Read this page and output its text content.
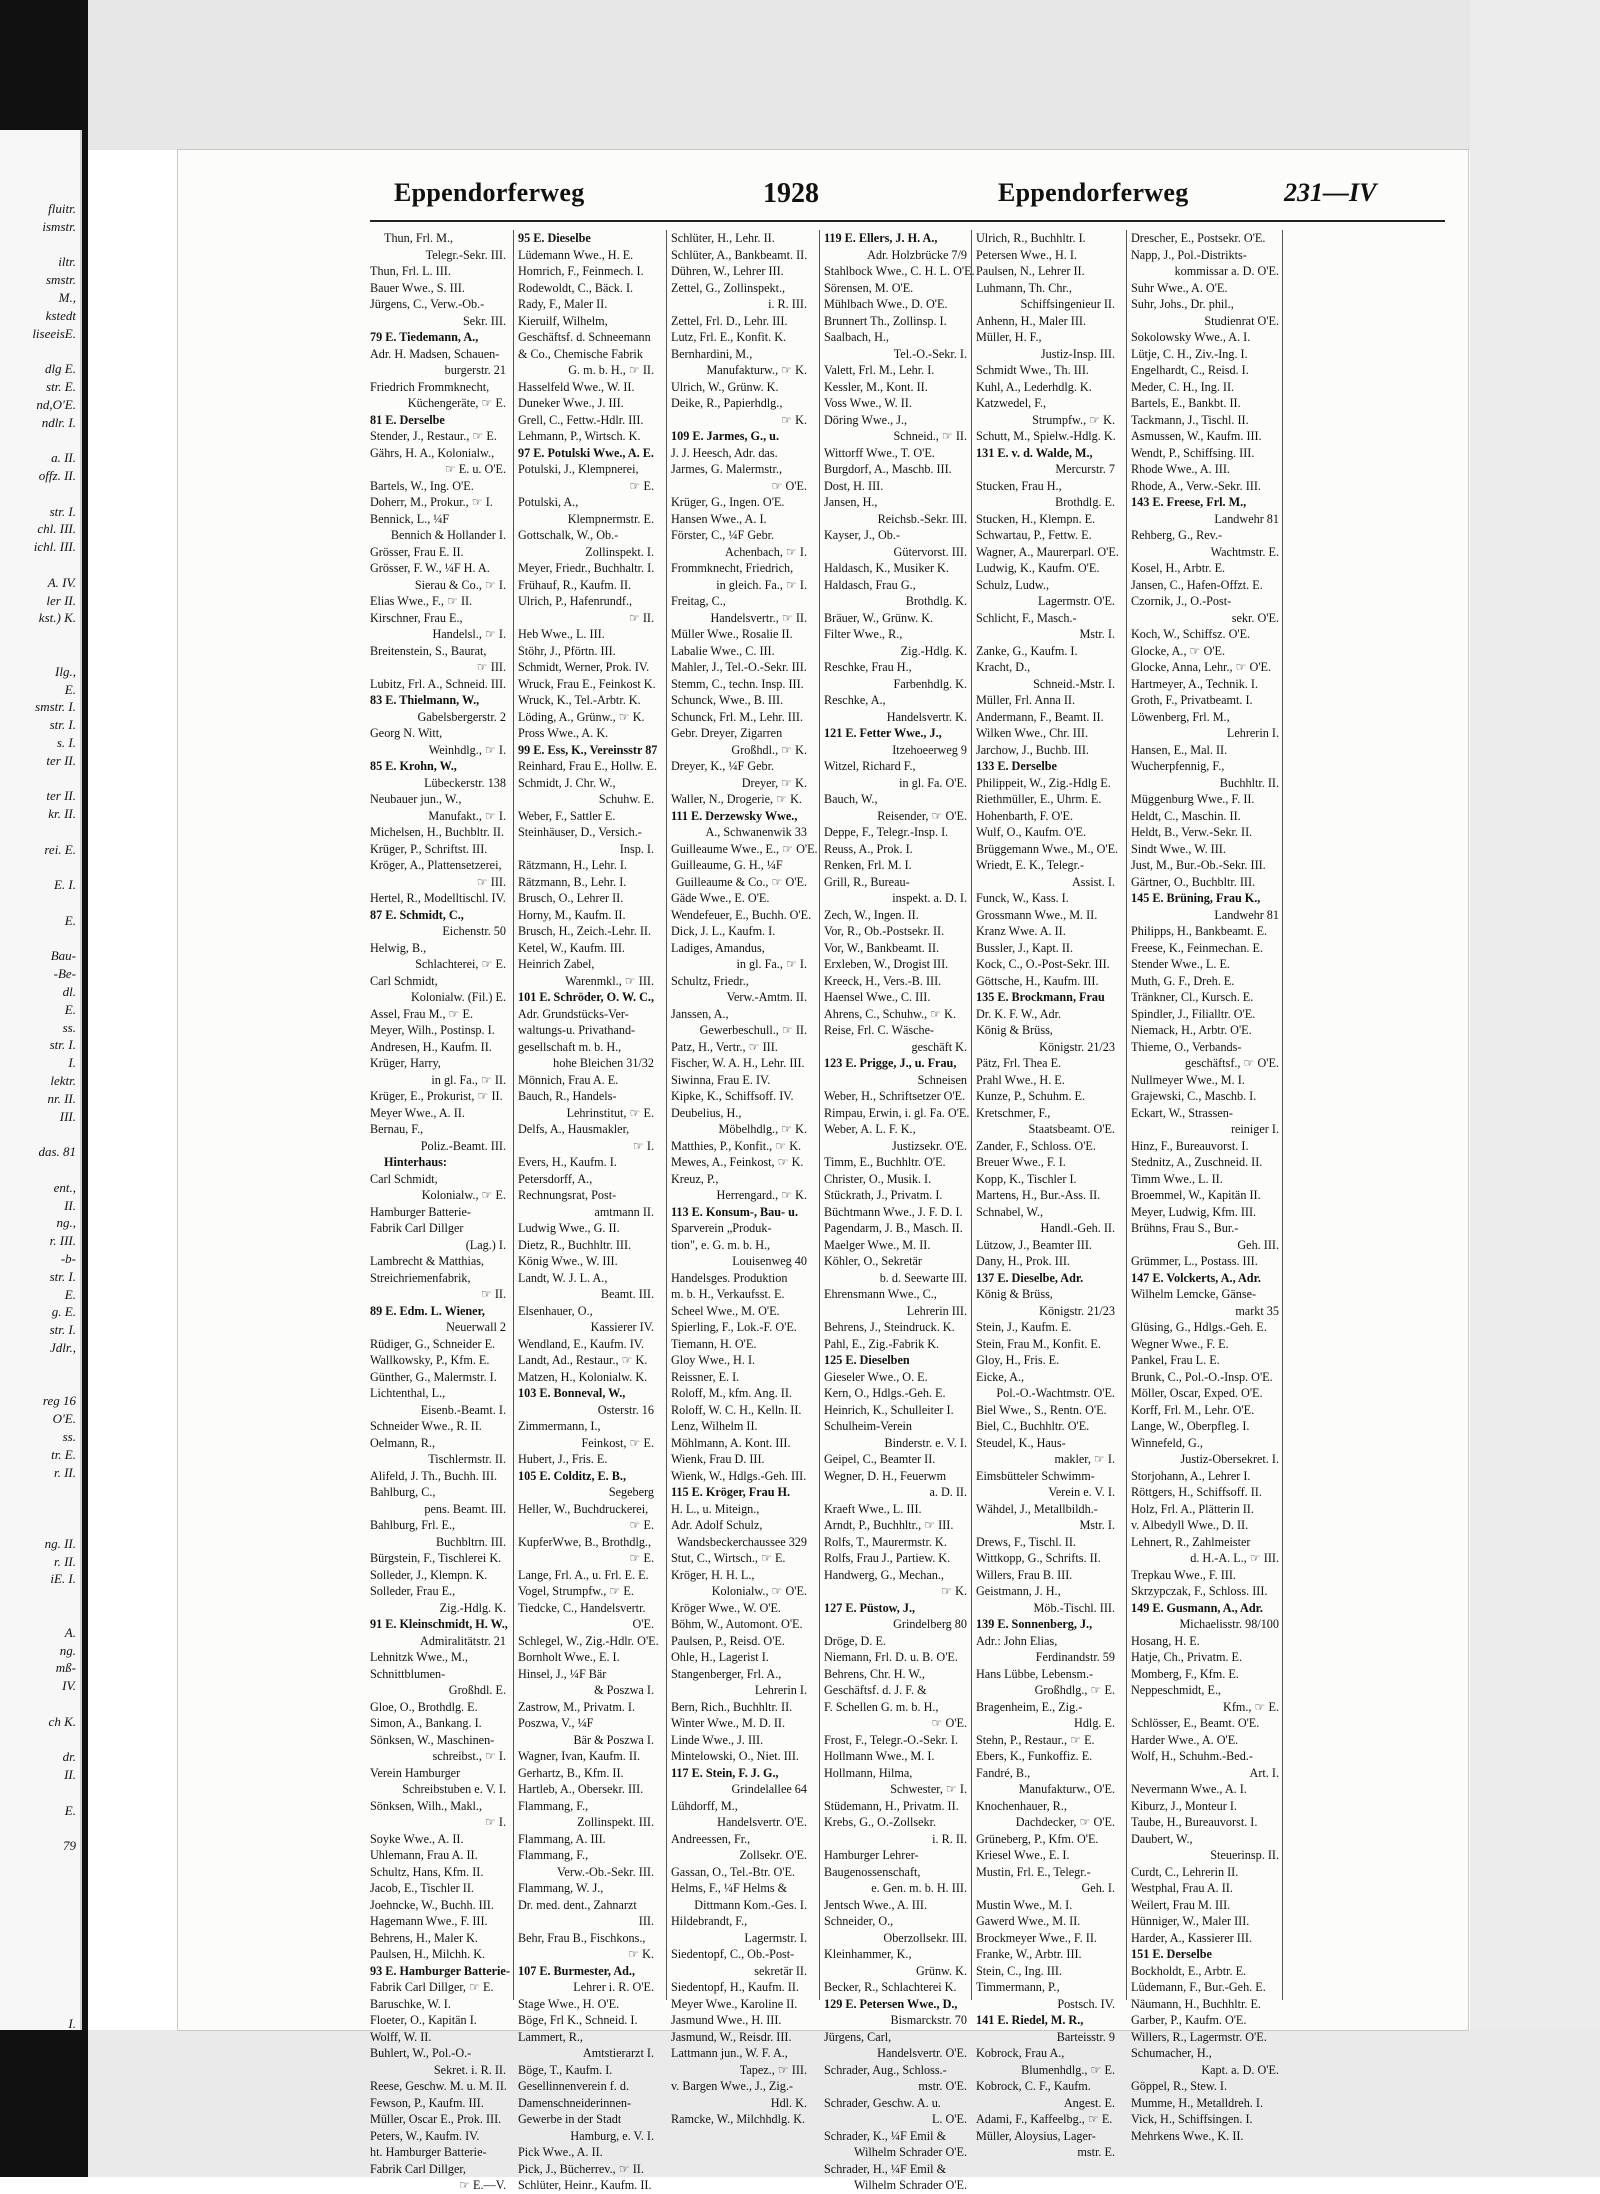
fluitr.
ismstr.

iltr.
smstr.
M.,
kstedt
liseeisE.

dlg E.
str. E.
nd,O'E.
ndlr. I.

a. II.
offz. II.

str. I.
chl. III.
ichl. III.

A. IV.
ler II.
kst.) K.

Ilg.,
E.
smstr. I.
str. I.
s. I.
ter II.

ter II.
kr. II.

rei. E.

E. I.

E.

Bau-
-Be-
dl.
E.
ss.
str. I.
I.
lektr.
nr. II.
III.

das. 81

ent.,
II.
ng.,
r. III.
-b-
str. I.
E.
g. E.
str. I.
Jdlr.,

reg 16
O'E.
ss.
tr. E.
r. II.

ng. II.
r. II.
iE. I.

A.
ng.
mß-
IV.

ch K.

dr.
II.

E.

79

I.
str. I.
I.
iseil.
K.
III.
lseilS.
Eppendorferweg	1928	Eppendorferweg	231—IV
Thun, Frl. M.,
Telegr.-Sekr. III.
Thun, Frl. L. III.
Bauer Wwe., S. III.
Jürgens, C., Verw.-Ob.-
Sekr. III.
79 E. Tiedemann, A.,
Adr. H. Madsen, Schauen-
burgerstr. 21
Friedrich Frommknecht,
Küchengeräte, ☞ E.
81 E. Derselbe
Stender, J., Restaur., ☞ E.
Gährs, H. A., Kolonialw.,
☞ E. u. O'E.
Bartels, W., Ing. O'E.
Doherr, M., Prokur., ☞ I.
Bennick, L., ¼F
Bennich & Hollander I.
Grösser, Frau E. II.
Grösser, F. W., ¼F H. A.
Sierau & Co., ☞ I.
Elias Wwe., F., ☞ II.
Kirschner, Frau E.,
Handelsl., ☞ I.
Breitenstein, S., Baurat,
☞ III.
Lubitz, Frl. A., Schneid. III.
83 E. Thielmann, W.,
Gabelsbergerstr. 2
Georg N. Witt,
Weinhdlg., ☞ I.
85 E. Krohn, W.,
Lübeckerstr. 138
Neubauer jun., W.,
Manufakt., ☞ I.
Michelsen, H., Buchbltr. II.
Krüger, P., Schriftst. III.
Kröger, A., Plattensetzerei,
☞ III.
Hertel, R., Modelltischl. IV.
87 E. Schmidt, C.,
Eichenstr. 50
Helwig, B.,
Schlachterei, ☞ E.
Carl Schmidt,
Kolonialw. (Fil.) E.
Assel, Frau M., ☞ E.
Meyer, Wilh., Postinsp. I.
Andresen, H., Kaufm. II.
Krüger, Harry,
in gl. Fa., ☞ II.
Krüger, E., Prokurist, ☞ II.
Meyer Wwe., A. II.
Bernau, F.,
Poliz.-Beamt. III.
Hinterhaus:
Carl Schmidt,
Kolonialw., ☞ E.
Hamburger Batterie-
Fabrik Carl Dillger
(Lag.) I.
Lambrecht & Matthias,
Streichriemenfabrik,
☞ II.
89 E. Edm. L. Wiener,
Neuerwall 2
Rüdiger, G., Schneider E.
Wallkowsky, P., Kfm. E.
Günther, G., Malermstr. I.
Lichtenthal, L.,
Eisenb.-Beamt. I.
Schneider Wwe., R. II.
Oelmann, R.,
Tischlermstr. II.
Alifeld, J. Th., Buchh. III.
Bahlburg, C.,
pens. Beamt. III.
Bahlburg, Frl. E.,
Buchbltrn. III.
Bürgstein, F., Tischlerei K.
Solleder, J., Klempn. K.
Solleder, Frau E.,
Zig.-Hdlg. K.
91 E. Kleinschmidt, H. W.,
Admiralitätstr. 21
Lehnitzk Wwe., M.,
Schnittblumen-
Großhdl. E.
Gloe, O., Brothdlg. E.
Simon, A., Bankang. I.
Sönksen, W., Maschinen-
schreibst., ☞ I.
Verein Hamburger
Schreibstuben e. V. I.
Sönksen, Wilh., Makl.,
☞ I.
Soyke Wwe., A. II.
Uhlemann, Frau A. II.
Schultz, Hans, Kfm. II.
Jacob, E., Tischler II.
Joehncke, W., Buchh. III.
Hagemann Wwe., F. III.
Behrens, H., Maler K.
Paulsen, H., Milchh. K.
93 E. Hamburger Batterie-
Fabrik Carl Dillger, ☞ E.
Baruschke, W. I.
Floeter, O., Kapitän I.
Wolff, W. II.
Buhlert, W., Pol.-O.-
Sekret. i. R. II.
Reese, Geschw. M. u. M. II.
Fewson, P., Kaufm. III.
Müller, Oscar E., Prok. III.
Peters, W., Kaufm. IV.
ht. Hamburger Batterie-
Fabrik Carl Dillger,
☞ E.—V.
95 E. Dieselbe
Lüdemann Wwe., H. E.
Homrich, F., Feinmech. I.
Rodewoldt, C., Bäck. I.
Rady, F., Maler II.
Kieruilf, Wilhelm,
Geschäftsf. d. Schneemann
& Co., Chemische Fabrik
G. m. b. H., ☞ II.
Hasselfeld Wwe., W. II.
Duneker Wwe., J. III.
Grell, C., Fettw.-Hdlr. III.
Lehmann, P., Wirtsch. K.
97 E. Potulski Wwe., A. E.
Potulski, J., Klempnerei,
☞ E.
Potulski, A.,
Klempnermstr. E.
Gottschalk, W., Ob.-
Zollinspekt. I.
Meyer, Friedr., Buchhaltr. I.
Frühauf, R., Kaufm. II.
Ulrich, P., Hafenrundf.,
☞ II.
Heb Wwe., L. III.
Stöhr, J., Pförtn. III.
Schmidt, Werner, Prok. IV.
Wruck, Frau E., Feinkost K.
Wruck, K., Tel.-Arbtr. K.
Löding, A., Grünw., ☞ K.
Pross Wwe., A. K.
99 E. Ess, K., Vereinsstr 87
Reinhard, Frau E., Hollw. E.
Schmidt, J. Chr. W.,
Schuhw. E.
Weber, F., Sattler E.
Steinhäuser, D., Versich.-
Insp. I.
Rätzmann, H., Lehr. I.
Rätzmann, B., Lehr. I.
Brusch, O., Lehrer II.
Horny, M., Kaufm. II.
Brusch, H., Zeich.-Lehr. II.
Ketel, W., Kaufm. III.
Heinrich Zabel,
Warenmkl., ☞ III.
101 E. Schröder, O. W. C.,
Adr. Grundstücks-Ver-
waltungs-u. Privathand-
gesellschaft m. b. H.,
hohe Bleichen 31/32
Mönnich, Frau A. E.
Bauch, R., Handels-
Lehrinstitut, ☞ E.
Delfs, A., Hausmakler,
☞ I.
Evers, H., Kaufm. I.
Petersdorff, A.,
Rechnungsrat, Post-
amtmann II.
Ludwig Wwe., G. II.
Dietz, R., Buchhltr. III.
König Wwe., W. III.
Landt, W. J. L. A.,
Beamt. III.
Elsenhauer, O.,
Kassierer IV.
Wendland, E., Kaufm. IV.
Landt, Ad., Restaur., ☞ K.
Matzen, H., Kolonialw. K.
103 E. Bonneval, W.,
Osterstr. 16
Zimmermann, I.,
Feinkost, ☞ E.
Hubert, J., Fris. E.
105 E. Colditz, E. B.,
Segeberg
Heller, W., Buchdruckerei,
☞ E.
KupferWwe, B., Brothdlg.,
☞ E.
Lange, Frl. A., u. Frl. E. E.
Vogel, Strumpfw., ☞ E.
Tiedcke, C., Handelsvertr.
O'E.
Schlegel, W., Zig.-Hdlr. O'E.
Bornholt Wwe., E. I.
Hinsel, J., ¼F Bär
& Poszwa I.
Zastrow, M., Privatm. I.
Poszwa, V., ¼F
Bär & Poszwa I.
Wagner, Ivan, Kaufm. II.
Gerhartz, B., Kfm. II.
Hartleb, A., Obersekr. III.
Flammang, F.,
Zollinspekt. III.
Flammang, A. III.
Flammang, F.,
Verw.-Ob.-Sekr. III.
Flammang, W. J.,
Dr. med. dent., Zahnarzt
III.
Behr, Frau B., Fischkons.,
☞ K.
107 E. Burmester, Ad.,
Lehrer i. R. O'E.
Stage Wwe., H. O'E.
Böge, Frl K., Schneid. I.
Lammert, R.,
Amtstierarzt I.
Böge, T., Kaufm. I.
Gesellinnenverein f. d.
Damenschneiderinnen-
Gewerbe in der Stadt
Hamburg, e. V. I.
Pick Wwe., A. II.
Pick, J., Bücherrev., ☞ II.
Schlüter, Heinr., Kaufm. II.
Schlüter, H., Lehr. II.
Schlüter, A., Bankbeamt. II.
Dühren, W., Lehrer III.
Zettel, G., Zollinspekt.,
i. R. III.
Zettel, Frl. D., Lehr. III.
Lutz, Frl. E., Konfit. K.
Bernhardini, M.,
Manufakturw., ☞ K.
Ulrich, W., Grünw. K.
Deike, R., Papierhdlg.,
☞ K.
109 E. Jarmes, G., u.
J. J. Heesch, Adr. das.
Jarmes, G. Malermstr.,
☞ O'E.
Krüger, G., Ingen. O'E.
Hansen Wwe., A. I.
Förster, C., ¼F Gebr.
Achenbach, ☞ I.
Frommknecht, Friedrich,
in gleich. Fa., ☞ I.
Freitag, C.,
Handelsvertr., ☞ II.
Müller Wwe., Rosalie II.
Labalie Wwe., C. III.
Mahler, J., Tel.-O.-Sekr. III.
Stemm, C., techn. Insp. III.
Schunck, Wwe., B. III.
Schunck, Frl. M., Lehr. III.
Gebr. Dreyer, Zigarren
Großhdl., ☞ K.
Dreyer, K., ¼F Gebr.
Dreyer, ☞ K.
Waller, N., Drogerie, ☞ K.
111 E. Derzewsky Wwe.,
A., Schwanenwik 33
Guilleaume Wwe., E., ☞ O'E.
Guilleaume, G. H., ¼F
Guilleaume & Co., ☞ O'E.
Gäde Wwe., E. O'E.
Wendefeuer, E., Buchh. O'E.
Dick, J. L., Kaufm. I.
Ladiges, Amandus,
in gl. Fa., ☞ I.
Schultz, Friedr.,
Verw.-Amtm. II.
Janssen, A.,
Gewerbeschull., ☞ II.
Patz, H., Vertr., ☞ III.
Fischer, W. A. H., Lehr. III.
Siwinna, Frau E. IV.
Kipke, K., Schiffsoff. IV.
Deubelius, H.,
Möbelhdlg., ☞ K.
Matthies, P., Konfit., ☞ K.
Mewes, A., Feinkost, ☞ K.
Kreuz, P.,
Herrengard., ☞ K.
113 E. Konsum-, Bau- u.
Sparverein „Produk-
tion", e. G. m. b. H.,
Louisenweg 40
Handelsges. Produktion
m. b. H., Verkaufsst. E.
Scheel Wwe., M. O'E.
Spierling, F., Lok.-F. O'E.
Tiemann, H. O'E.
Gloy Wwe., H. I.
Reissner, E. I.
Roloff, M., kfm. Ang. II.
Roloff, W. C. H., Kelln. II.
Lenz, Wilhelm II.
Möhlmann, A. Kont. III.
Wienk, Frau D. III.
Wienk, W., Hdlgs.-Geh. III.
115 E. Kröger, Frau H.
H. L., u. Miteign.,
Adr. Adolf Schulz,
Wandsbeckerchaussee 329
Stut, C., Wirtsch., ☞ E.
Kröger, H. H. L.,
Kolonialw., ☞ O'E.
Kröger Wwe., W. O'E.
Böhm, W., Automont. O'E.
Paulsen, P., Reisd. O'E.
Ohle, H., Lagerist I.
Stangenberger, Frl. A.,
Lehrerin I.
Bern, Rich., Buchhltr. II.
Winter Wwe., M. D. II.
Linde Wwe., J. III.
Mintelowski, O., Niet. III.
117 E. Stein, F. J. G.,
Grindelallee 64
Lühdorff, M.,
Handelsvertr. O'E.
Andreessen, Fr.,
Zollsekr. O'E.
Gassan, O., Tel.-Btr. O'E.
Helms, F., ¼F Helms &
Dittmann Kom.-Ges. I.
Hildebrandt, F.,
Lagermstr. I.
Siedentopf, C., Ob.-Post-
sekretär II.
Siedentopf, H., Kaufm. II.
Meyer Wwe., Karoline II.
Jasmund Wwe., H. III.
Jasmund, W., Reisdr. III.
Lattmann jun., W. F. A.,
Tapez., ☞ III.
v. Bargen Wwe., J., Zig.-
Hdl. K.
Ramcke, W., Milchhdlg. K.
119 E. Ellers, J. H. A.,
Adr. Holzbrücke 7/9
Stahlbock Wwe., C. H. L. O'E.
Sörensen, M. O'E.
Mühlbach Wwe., D. O'E.
Brunnert Th., Zollinsp. I.
Saalbach, H.,
Tel.-O.-Sekr. I.
Valett, Frl. M., Lehr. I.
Kessler, M., Kont. II.
Voss Wwe., W. II.
Döring Wwe., J.,
Schneid., ☞ II.
Wittorff Wwe., T. O'E.
Burgdorf, A., Maschb. III.
Dost, H. III.
Jansen, H.,
Reichsb.-Sekr. III.
Kayser, J., Ob.-
Gütervorst. III.
Haldasch, K., Musiker K.
Haldasch, Frau G.,
Brothdlg. K.
Bräuer, W., Grünw. K.
Filter Wwe., R.,
Zig.-Hdlg. K.
Reschke, Frau H.,
Farbenhdlg. K.
Reschke, A.,
Handelsvertr. K.
121 E. Fetter Wwe., J.,
Itzehoeerweg 9
Witzel, Richard F.,
in gl. Fa. O'E.
Bauch, W.,
Reisender, ☞ O'E.
Deppe, F., Telegr.-Insp. I.
Reuss, A., Prok. I.
Renken, Frl. M. I.
Grill, R., Bureau-
inspekt. a. D. I.
Zech, W., Ingen. II.
Vor, R., Ob.-Postsekr. II.
Vor, W., Bankbeamt. II.
Erxleben, W., Drogist III.
Kreeck, H., Vers.-B. III.
Haensel Wwe., C. III.
Ahrens, C., Schuhw., ☞ K.
Reise, Frl. C. Wäsche-
geschäft K.
123 E. Prigge, J., u. Frau,
Schneisen
Weber, H., Schriftsetzer O'E.
Rimpau, Erwin, i. gl. Fa. O'E.
Weber, A. L. F. K.,
Justizsekr. O'E.
Timm, E., Buchhltr. O'E.
Christer, O., Musik. I.
Stückrath, J., Privatm. I.
Büchtmann Wwe., J. F. D. I.
Pagendarm, J. B., Masch. II.
Maelger Wwe., M. II.
Köhler, O., Sekretär
b. d. Seewarte III.
Ehrensmann Wwe., C.,
Lehrerin III.
Behrens, J., Steindruck. K.
Pahl, E., Zig.-Fabrik K.
125 E. Dieselben
Gieseler Wwe., O. E.
Kern, O., Hdlgs.-Geh. E.
Heinrich, K., Schulleiter I.
Schulheim-Verein
Binderstr. e. V. I.
Geipel, C., Beamter II.
Wegner, D. H., Feuerwm
a. D. II.
Kraeft Wwe., L. III.
Arndt, P., Buchhltr., ☞ III.
Rolfs, T., Maurermstr. K.
Rolfs, Frau J., Partiew. K.
Handwerg, G., Mechan.,
☞ K.
127 E. Püstow, J.,
Grindelberg 80
Dröge, D. E.
Niemann, Frl. D. u. B. O'E.
Behrens, Chr. H. W.,
Geschäftsf. d. J. F. &
F. Schellen G. m. b. H.,
☞ O'E.
Frost, F., Telegr.-O.-Sekr. I.
Hollmann Wwe., M. I.
Hollmann, Hilma,
Schwester, ☞ I.
Stüdemann, H., Privatm. II.
Krebs, G., O.-Zollsekr.
i. R. II.
Hamburger Lehrer-
Baugenossenschaft,
e. Gen. m. b. H. III.
Jentsch Wwe., A. III.
Schneider, O.,
Oberzollsekr. III.
Kleinhammer, K.,
Grünw. K.
Becker, R., Schlachterei K.
129 E. Petersen Wwe., D.,
Bismarckstr. 70
Jürgens, Carl,
Handelsvertr. O'E.
Schrader, Aug., Schloss.-
mstr. O'E.
Schrader, Geschw. A. u.
L. O'E.
Schrader, K., ¼F Emil &
Wilhelm Schrader O'E.
Schrader, H., ¼F Emil &
Wilhelm Schrader O'E.
Ulrich, R., Buchhltr. I.
Petersen Wwe., H. I.
Paulsen, N., Lehrer II.
Luhmann, Th. Chr.,
Schiffsingenieur II.
Anhenn, H., Maler III.
Müller, H. F.,
Justiz-Insp. III.
Schmidt Wwe., Th. III.
Kuhl, A., Lederhdlg. K.
Katzwedel, F.,
Strumpfw., ☞ K.
Schutt, M., Spielw.-Hdlg. K.
131 E. v. d. Walde, M.,
Mercurstr. 7
Stucken, Frau H.,
Brothdlg. E.
Stucken, H., Klempn. E.
Schwartau, P., Fettw. E.
Wagner, A., Maurerparl. O'E.
Ludwig, K., Kaufm. O'E.
Schulz, Ludw.,
Lagermstr. O'E.
Schlicht, F., Masch.-
Mstr. I.
Zanke, G., Kaufm. I.
Kracht, D.,
Schneid.-Mstr. I.
Müller, Frl. Anna II.
Andermann, F., Beamt. II.
Wilken Wwe., Chr. III.
Jarchow, J., Buchb. III.
133 E. Derselbe
Philippeit, W., Zig.-Hdlg E.
Riethmüller, E., Uhrm. E.
Hohenbarth, F. O'E.
Wulf, O., Kaufm. O'E.
Brüggemann Wwe., M., O'E.
Wriedt, E. K., Telegr.-
Assist. I.
Funck, W., Kass. I.
Grossmann Wwe., M. II.
Kranz Wwe. A. II.
Bussler, J., Kapt. II.
Kock, C., O.-Post-Sekr. III.
Göttsche, H., Kaufm. III.
135 E. Brockmann, Frau
Dr. K. F. W., Adr.
König & Brüss,
Königstr. 21/23
Pätz, Frl. Thea E.
Prahl Wwe., H. E.
Kunze, P., Schuhm. E.
Kretschmer, F.,
Staatsbeamt. O'E.
Zander, F., Schloss. O'E.
Breuer Wwe., F. I.
Kopp, K., Tischler I.
Martens, H., Bur.-Ass. II.
Schnabel, W.,
Handl.-Geh. II.
Lützow, J., Beamter III.
Dany, H., Prok. III.
137 E. Dieselbe, Adr.
König & Brüss,
Königstr. 21/23
Stein, J., Kaufm. E.
Stein, Frau M., Konfit. E.
Gloy, H., Fris. E.
Eicke, A.,
Pol.-O.-Wachtmstr. O'E.
Biel Wwe., S., Rentn. O'E.
Biel, C., Buchhltr. O'E.
Steudel, K., Haus-
makler, ☞ I.
Eimsbütteler Schwimm-
Verein e. V. I.
Wähdel, J., Metallbildh.-
Mstr. I.
Drews, F., Tischl. II.
Wittkopp, G., Schrifts. II.
Willers, Frau B. III.
Geistmann, J. H.,
Möb.-Tischl. III.
139 E. Sonnenberg, J.,
Adr.: John Elias,
Ferdinandstr. 59
Hans Lübbe, Lebensm.-
Großhdlg., ☞ E.
Bragenheim, E., Zig.-
Hdlg. E.
Stehn, P., Restaur., ☞ E.
Ebers, K., Funkoffiz. E.
Fandré, B.,
Manufakturw., O'E.
Knochenhauer, R.,
Dachdecker, ☞ O'E.
Grüneberg, P., Kfm. O'E.
Kriesel Wwe., E. I.
Mustin, Frl. E., Telegr.-
Geh. I.
Mustin Wwe., M. I.
Gawerd Wwe., M. II.
Brockmeyer Wwe., F. II.
Franke, W., Arbtr. III.
Stein, C., Ing. III.
Timmermann, P.,
Postsch. IV.
141 E. Riedel, M. R.,
Barteisstr. 9
Kobrock, Frau A.,
Blumenhdlg., ☞ E.
Kobrock, C. F., Kaufm.
Angest. E.
Adami, F., Kaffeelbg., ☞ E.
Müller, Aloysius, Lager-
mstr. E.
Drescher, E., Postsekr. O'E.
Napp, J., Pol.-Distrikts-
kommissar a. D. O'E.
Suhr Wwe., A. O'E.
Suhr, Johs., Dr. phil.,
Studienrat O'E.
Sokolowsky Wwe., A. I.
Lütje, C. H., Ziv.-Ing. I.
Engelhardt, C., Reisd. I.
Meder, C. H., Ing. II.
Bartels, E., Bankbt. II.
Tackmann, J., Tischl. II.
Asmussen, W., Kaufm. III.
Wendt, P., Schiffsing. III.
Rhode Wwe., A. III.
Rhode, A., Verw.-Sekr. III.
143 E. Freese, Frl. M.,
Landwehr 81
Rehberg, G., Rev.-
Wachtmstr. E.
Kosel, H., Arbtr. E.
Jansen, C., Hafen-Offzt. E.
Czornik, J., O.-Post-
sekr. O'E.
Koch, W., Schiffsz. O'E.
Glocke, A., ☞ O'E.
Glocke, Anna, Lehr., ☞ O'E.
Hartmeyer, A., Technik. I.
Groth, F., Privatbeamt. I.
Löwenberg, Frl. M.,
Lehrerin I.
Hansen, E., Mal. II.
Wucherpfennig, F.,
Buchhltr. II.
Müggenburg Wwe., F. II.
Heldt, C., Maschin. II.
Heldt, B., Verw.-Sekr. II.
Sindt Wwe., W. III.
Just, M., Bur.-Ob.-Sekr. III.
Gärtner, O., Buchbltr. III.
145 E. Brüning, Frau K.,
Landwehr 81
Philipps, H., Bankbeamt. E.
Freese, K., Feinmechan. E.
Stender Wwe., L. E.
Muth, G. F., Dreh. E.
Tränkner, Cl., Kursch. E.
Spindler, J., Filialltr. O'E.
Niemack, H., Arbtr. O'E.
Thieme, O., Verbands-
geschäftsf., ☞ O'E.
Nullmeyer Wwe., M. I.
Grajewski, C., Maschb. I.
Eckart, W., Strassen-
reiniger I.
Hinz, F., Bureauvorst. I.
Stednitz, A., Zuschneid. II.
Timm Wwe., L. II.
Broemmel, W., Kapitän II.
Meyer, Ludwig, Kfm. III.
Brühns, Frau S., Bur.-
Geh. III.
Grümmer, L., Postass. III.
147 E. Volckerts, A., Adr.
Wilhelm Lemcke, Gänse-
markt 35
Glüsing, G., Hdlgs.-Geh. E.
Wegner Wwe., F. E.
Pankel, Frau L. E.
Brunk, C., Pol.-O.-Insp. O'E.
Möller, Oscar, Exped. O'E.
Korff, Frl. M., Lehr. O'E.
Lange, W., Oberpfleg. I.
Winnefeld, G.,
Justiz-Obersekret. I.
Storjohann, A., Lehrer I.
Röttgers, H., Schiffsoff. II.
Holz, Frl. A., Plätterin II.
v. Albedyll Wwe., D. II.
Lehnert, R., Zahlmeister
d. H.-A. L., ☞ III.
Trepkau Wwe., F. III.
Skrzypczak, F., Schloss. III.
149 E. Gusmann, A., Adr.
Michaelisstr. 98/100
Hosang, H. E.
Hatje, Ch., Privatm. E.
Momberg, F., Kfm. E.
Neppeschmidt, E.,
Kfm., ☞ E.
Schlösser, E., Beamt. O'E.
Harder Wwe., A. O'E.
Wolf, H., Schuhm.-Bed.-
Art. I.
Nevermann Wwe., A. I.
Kiburz, J., Monteur I.
Taube, H., Bureauvorst. I.
Daubert, W.,
Steuerinsp. II.
Curdt, C., Lehrerin II.
Westphal, Frau A. II.
Weilert, Frau M. III.
Hünniger, W., Maler III.
Harder, A., Kassierer III.
151 E. Derselbe
Bockholdt, E., Arbtr. E.
Lüdemann, F., Bur.-Geh. E.
Näumann, H., Buchhltr. E.
Garber, P., Kaufm. O'E.
Willers, R., Lagermstr. O'E.
Schumacher, H.,
Kapt. a. D. O'E.
Göppel, R., Stew. I.
Mumme, H., Metalldreh. I.
Vick, H., Schiffsingen. I.
Mehrkens Wwe., K. II.
